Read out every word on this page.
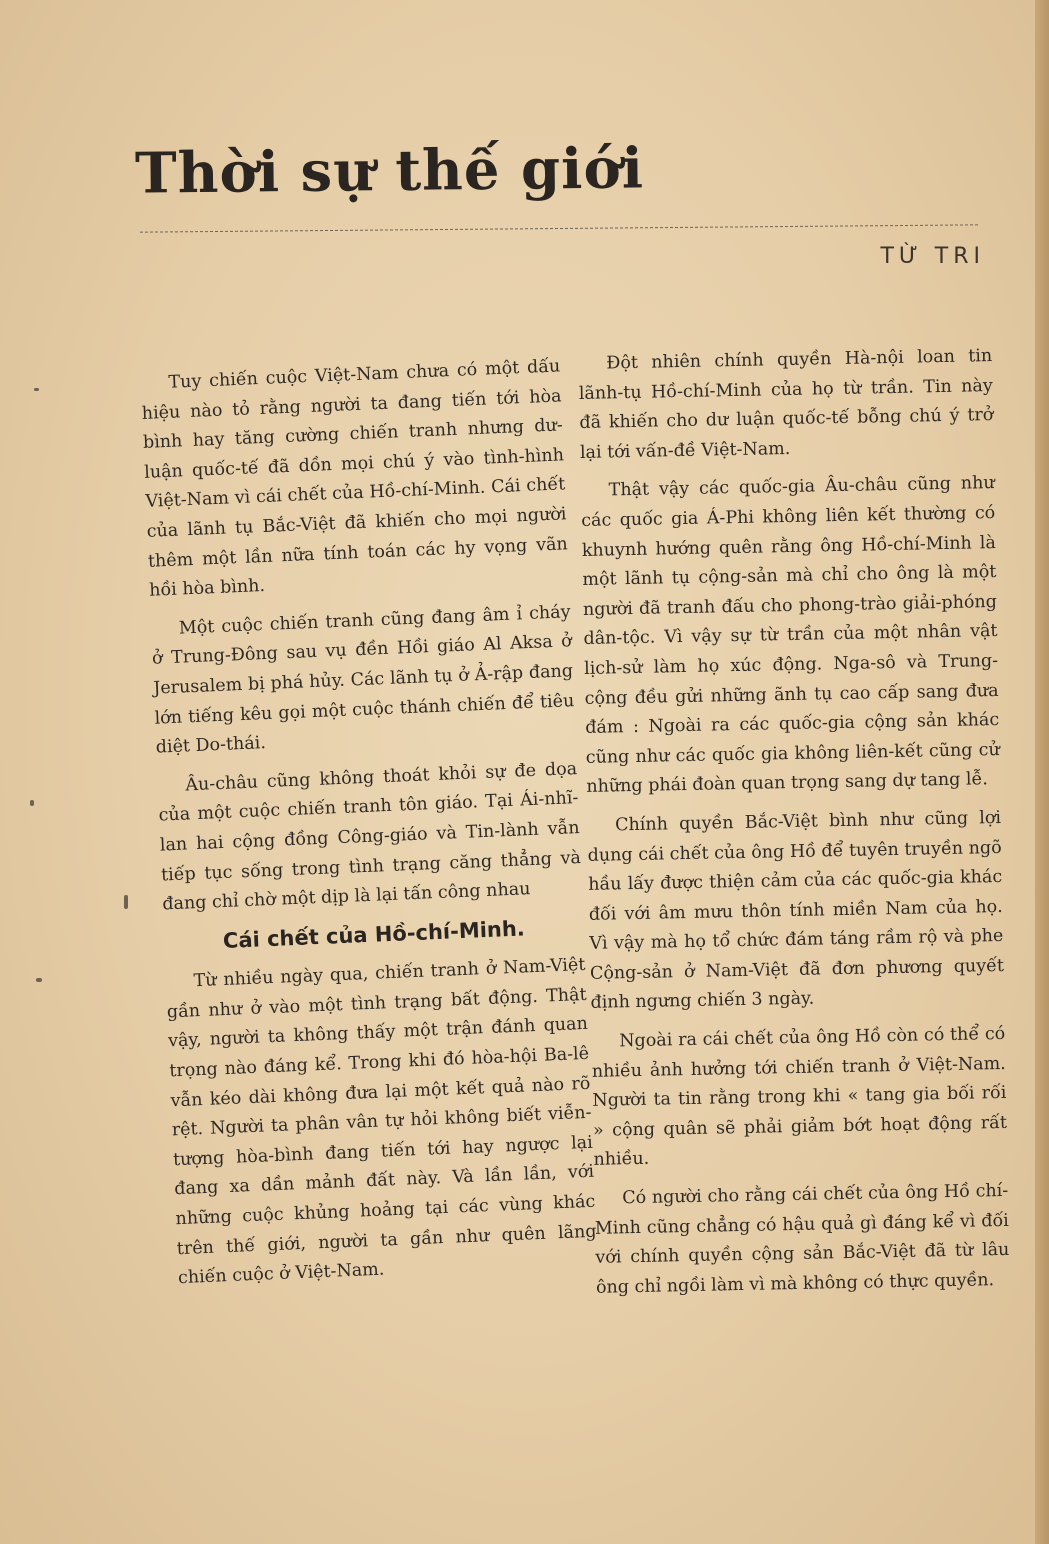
Thời sự thế giới

TỪ TRI

Tuy chiến cuộc Việt-Nam chưa có một dấu hiệu nào tỏ rằng người ta đang tiến tới hòa bình hay tăng cường chiến tranh nhưng dư-luận quốc-tế đã dồn mọi chú ý vào tình-hình Việt-Nam vì cái chết của Hồ-chí-Minh. Cái chết của lãnh tụ Bắc-Việt đã khiến cho mọi người thêm một lần nữa tính toán các hy vọng vãn hồi hòa bình.

Một cuộc chiến tranh cũng đang âm ỉ cháy ở Trung-Đông sau vụ đền Hồi giáo Al Aksa ở Jerusalem bị phá hủy. Các lãnh tụ ở Ả-rập đang lớn tiếng kêu gọi một cuộc thánh chiến để tiêu diệt Do-thái.

Âu-châu cũng không thoát khỏi sự đe dọa của một cuộc chiến tranh tôn giáo. Tại Ái-nhĩ-lan hai cộng đồng Công-giáo và Tin-lành vẫn tiếp tục sống trong tình trạng căng thẳng và đang chỉ chờ một dịp là lại tấn công nhau

Cái chết của Hồ-chí-Minh.

Từ nhiều ngày qua, chiến tranh ở Nam-Việt gần như ở vào một tình trạng bất động. Thật vậy, người ta không thấy một trận đánh quan trọng nào đáng kể. Trong khi đó hòa-hội Ba-lê vẫn kéo dài không đưa lại một kết quả nào rõ rệt. Người ta phân vân tự hỏi không biết viễn-tượng hòa-bình đang tiến tới hay ngược lại đang xa dần mảnh đất này. Và lần lần, với những cuộc khủng hoảng tại các vùng khác trên thế giới, người ta gần như quên lãng chiến cuộc ở Việt-Nam.

Đột nhiên chính quyền Hà-nội loan tin lãnh-tụ Hồ-chí-Minh của họ từ trần. Tin này đã khiến cho dư luận quốc-tế bỗng chú ý trở lại tới vấn-đề Việt-Nam.

Thật vậy các quốc-gia Âu-châu cũng như các quốc gia Á-Phi không liên kết thường có khuynh hướng quên rằng ông Hồ-chí-Minh là một lãnh tụ cộng-sản mà chỉ cho ông là một người đã tranh đấu cho phong-trào giải-phóng dân-tộc. Vì vậy sự từ trần của một nhân vật lịch-sử làm họ xúc động. Nga-sô và Trung-cộng đều gửi những ãnh tụ cao cấp sang đưa đám : Ngoài ra các quốc-gia cộng sản khác cũng như các quốc gia không liên-kết cũng cử những phái đoàn quan trọng sang dự tang lễ.

Chính quyền Bắc-Việt bình như cũng lợi dụng cái chết của ông Hồ để tuyên truyền ngõ hầu lấy được thiện cảm của các quốc-gia khác đối với âm mưu thôn tính miền Nam của họ. Vì vậy mà họ tổ chức đám táng rầm rộ và phe Cộng-sản ở Nam-Việt đã đơn phương quyết định ngưng chiến 3 ngày.

Ngoài ra cái chết của ông Hồ còn có thể có nhiều ảnh hưởng tới chiến tranh ở Việt-Nam. Người ta tin rằng trong khi « tang gia bối rối » cộng quân sẽ phải giảm bớt hoạt động rất nhiều.

Có người cho rằng cái chết của ông Hồ chí-Minh cũng chẳng có hậu quả gì đáng kể vì đối với chính quyền cộng sản Bắc-Việt đã từ lâu ông chỉ ngồi làm vì mà không có thực quyền.
